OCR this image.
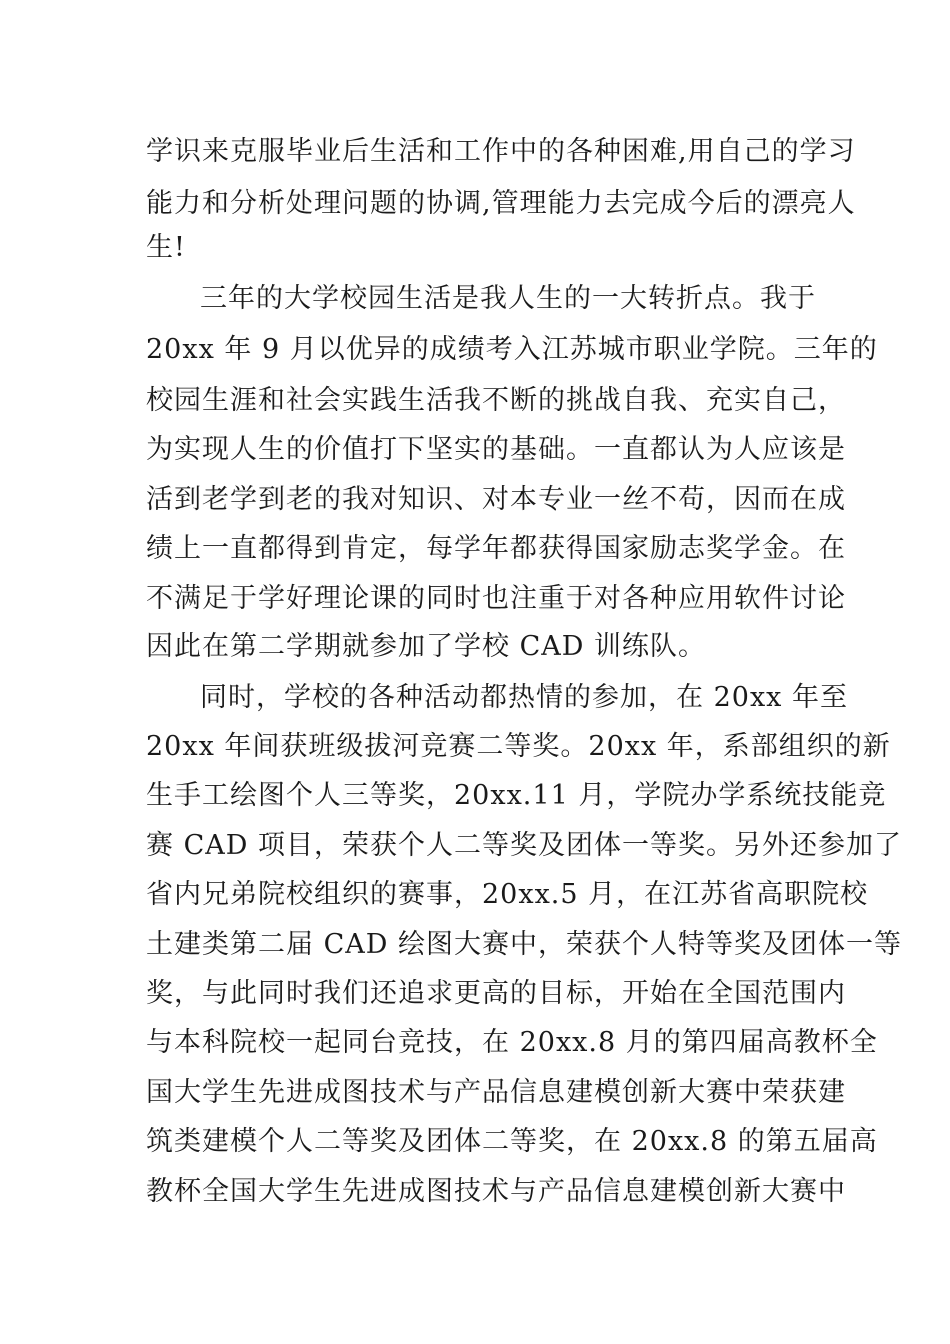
学识来克服毕业后生活和工作中的各种困难,用自己的学习
能力和分析处理问题的协调,管理能力去完成今后的漂亮人
生!
三年的大学校园生活是我人生的一大转折点。我于
20xx 年 9 月以优异的成绩考入江苏城市职业学院。三年的
校园生涯和社会实践生活我不断的挑战自我、充实自己，
为实现人生的价值打下坚实的基础。一直都认为人应该是
活到老学到老的我对知识、对本专业一丝不苟，因而在成
绩上一直都得到肯定，每学年都获得国家励志奖学金。在
不满足于学好理论课的同时也注重于对各种应用软件讨论
因此在第二学期就参加了学校 CAD 训练队。
同时，学校的各种活动都热情的参加，在 20xx 年至
20xx 年间获班级拔河竞赛二等奖。20xx 年，系部组织的新
生手工绘图个人三等奖，20xx.11 月，学院办学系统技能竞
赛 CAD 项目，荣获个人二等奖及团体一等奖。另外还参加了
省内兄弟院校组织的赛事，20xx.5 月，在江苏省高职院校
土建类第二届 CAD 绘图大赛中，荣获个人特等奖及团体一等
奖，与此同时我们还追求更高的目标，开始在全国范围内
与本科院校一起同台竞技，在 20xx.8 月的第四届高教杯全
国大学生先进成图技术与产品信息建模创新大赛中荣获建
筑类建模个人二等奖及团体二等奖，在 20xx.8 的第五届高
教杯全国大学生先进成图技术与产品信息建模创新大赛中
